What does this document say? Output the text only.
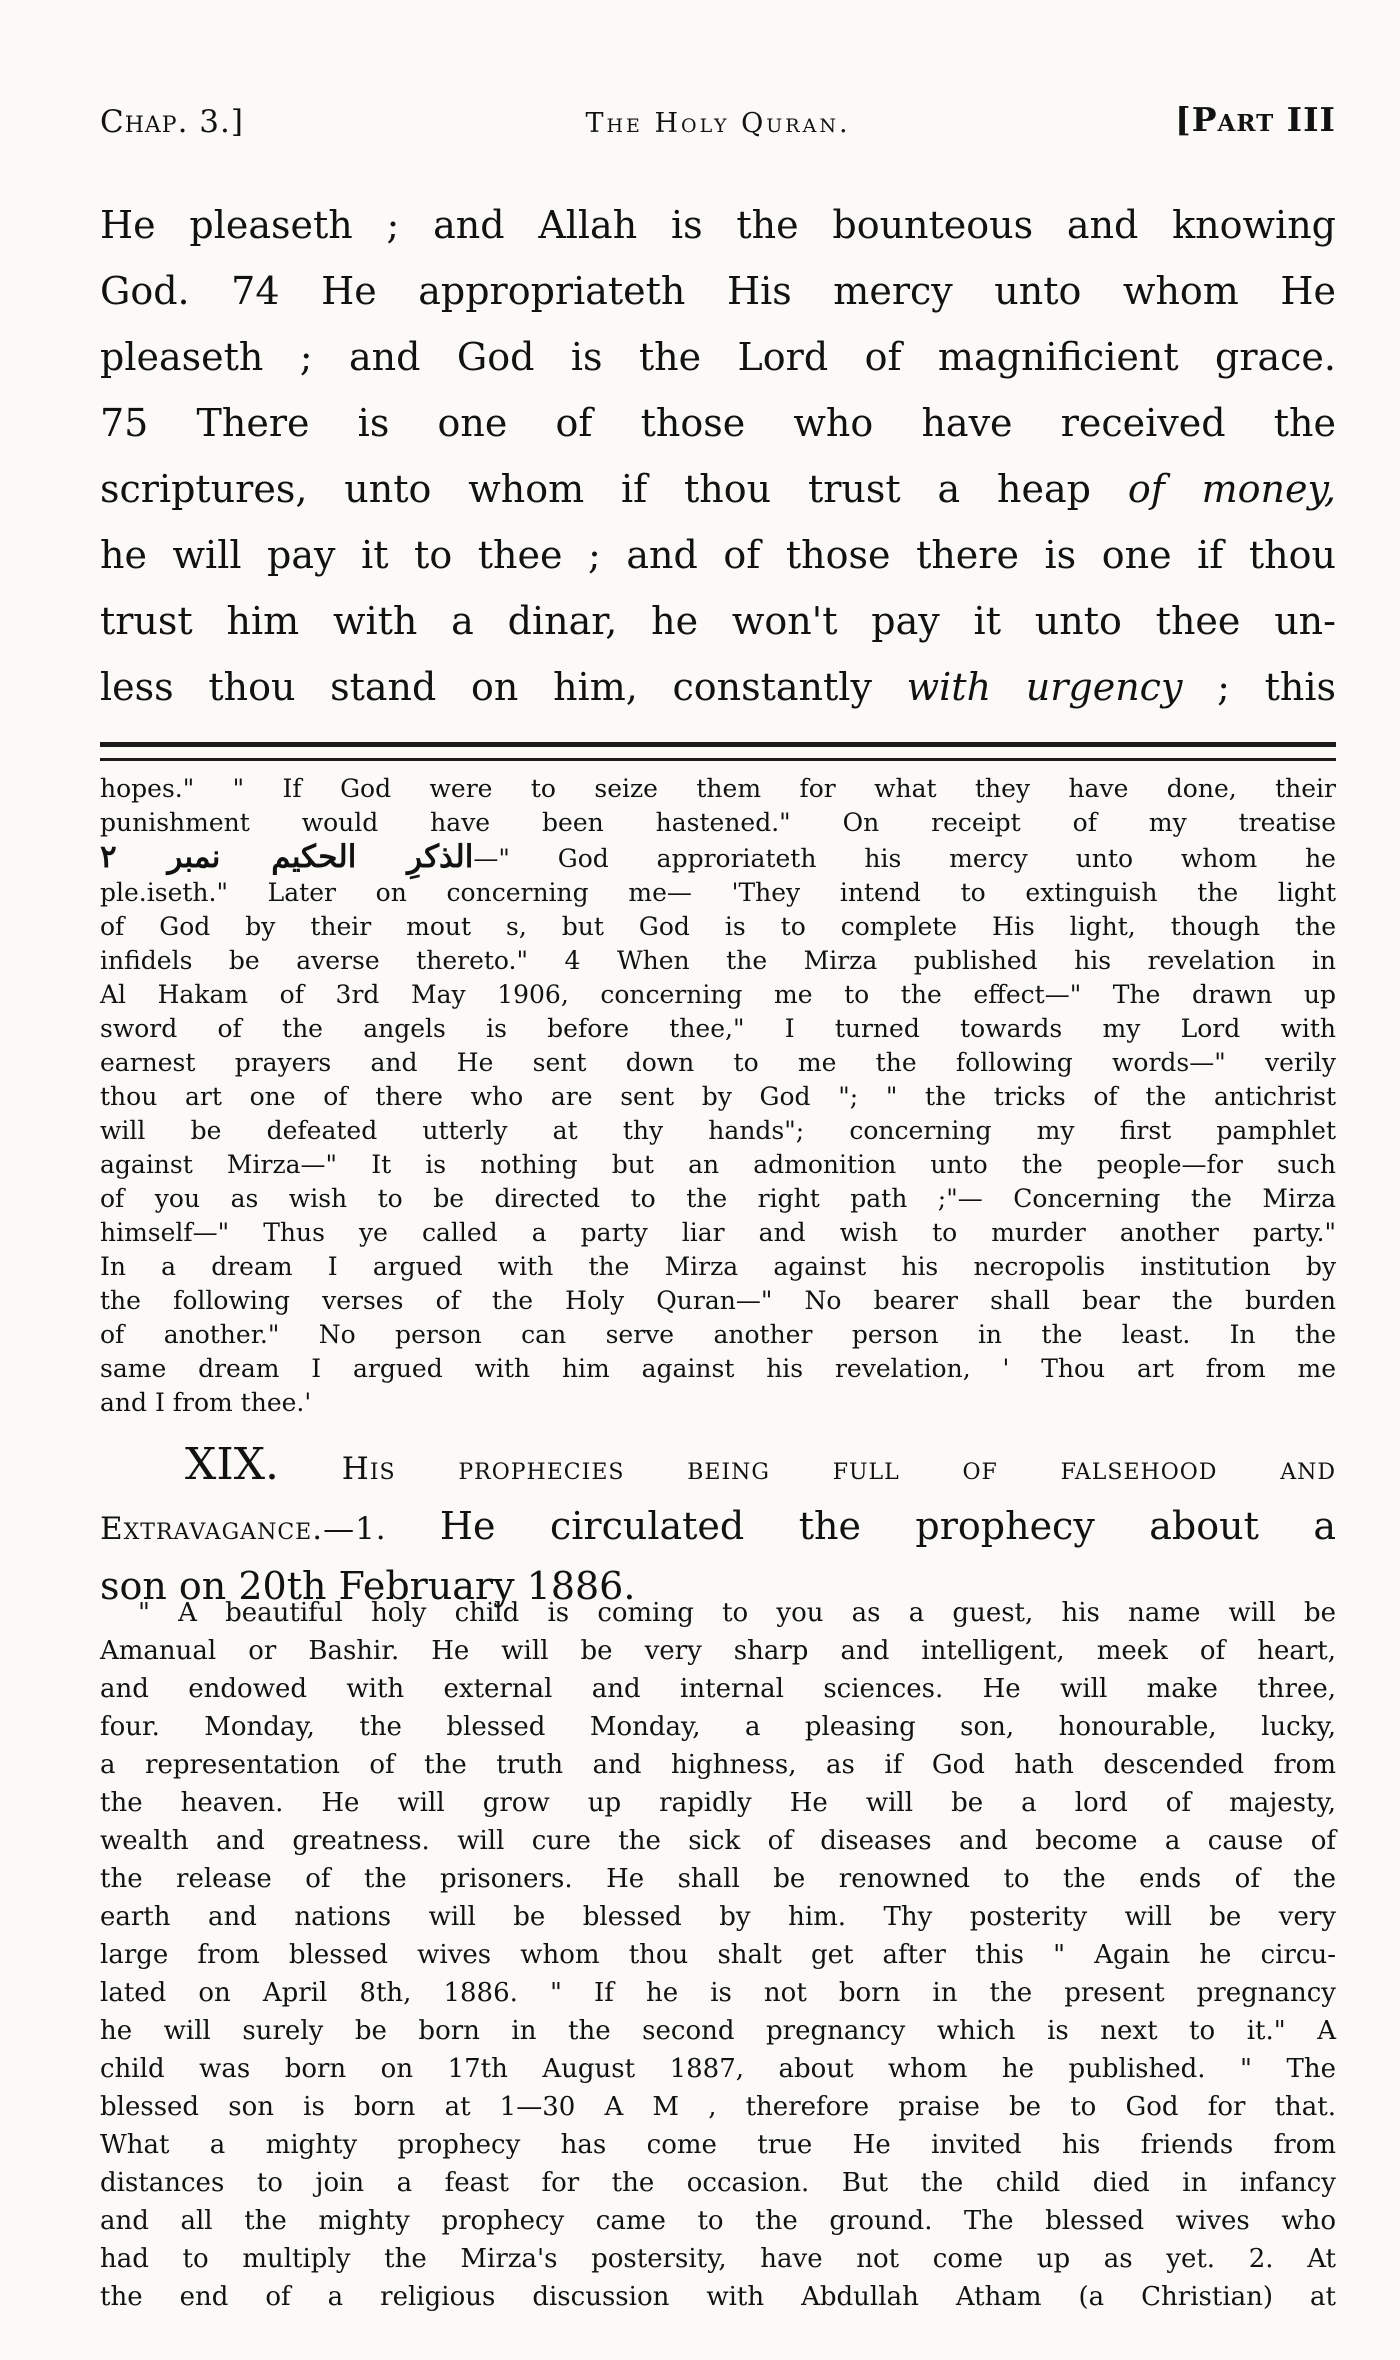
Chap. 3.]	The Holy Quran.	[Part III
He pleaseth ; and Allah is the bounteous and knowing
God. 74 He appropriateth His mercy unto whom He
pleaseth ; and God is the Lord of magnificient grace.
75 There is one of those who have received the
scriptures, unto whom if thou trust a heap of money,
he will pay it to thee ; and of those there is one if thou
trust him with a dinar, he won't pay it unto thee un-
less thou stand on him, constantly with urgency ; this
hopes." " If God were to seize them for what they have done, their
punishment would have been hastened." On receipt of my treatise
الذكرِ الحكيم نمبر ۲—" God approriateth his mercy unto whom he
ple.iseth." Later on concerning me— 'They intend to extinguish the light
of God by their mout s, but God is to complete His light, though the
infidels be averse thereto." 4 When the Mirza published his revelation in
Al Hakam of 3rd May 1906, concerning me to the effect—" The drawn up
sword of the angels is before thee," I turned towards my Lord with
earnest prayers and He sent down to me the following words—" verily
thou art one of there who are sent by God "; " the tricks of the antichrist
will be defeated utterly at thy hands"; concerning my first pamphlet
against Mirza—" It is nothing but an admonition unto the people—for such
of you as wish to be directed to the right path ;"— Concerning the Mirza
himself—" Thus ye called a party liar and wish to murder another party."
In a dream I argued with the Mirza against his necropolis institution by
the following verses of the Holy Quran—" No bearer shall bear the burden
of another." No person can serve another person in the least. In the
same dream I argued with him against his revelation, ' Thou art from me
and I from thee.'
XIX. His prophecies being full of falsehood and
Extravagance.—1. He circulated the prophecy about a
son on 20th February 1886.
" A beautiful holy child is coming to you as a guest, his name will be
Amanual or Bashir. He will be very sharp and intelligent, meek of heart,
and endowed with external and internal sciences. He will make three,
four. Monday, the blessed Monday, a pleasing son, honourable, lucky,
a representation of the truth and highness, as if God hath descended from
the heaven. He will grow up rapidly He will be a lord of majesty,
wealth and greatness. will cure the sick of diseases and become a cause of
the release of the prisoners. He shall be renowned to the ends of the
earth and nations will be blessed by him. Thy posterity will be very
large from blessed wives whom thou shalt get after this " Again he circu-
lated on April 8th, 1886. " If he is not born in the present pregnancy
he will surely be born in the second pregnancy which is next to it." A
child was born on 17th August 1887, about whom he published. " The
blessed son is born at 1—30 A M , therefore praise be to God for that.
What a mighty prophecy has come true He invited his friends from
distances to join a feast for the occasion. But the child died in infancy
and all the mighty prophecy came to the ground. The blessed wives who
had to multiply the Mirza's postersity, have not come up as yet. 2. At
the end of a religious discussion with Abdullah Atham (a Christian) at
